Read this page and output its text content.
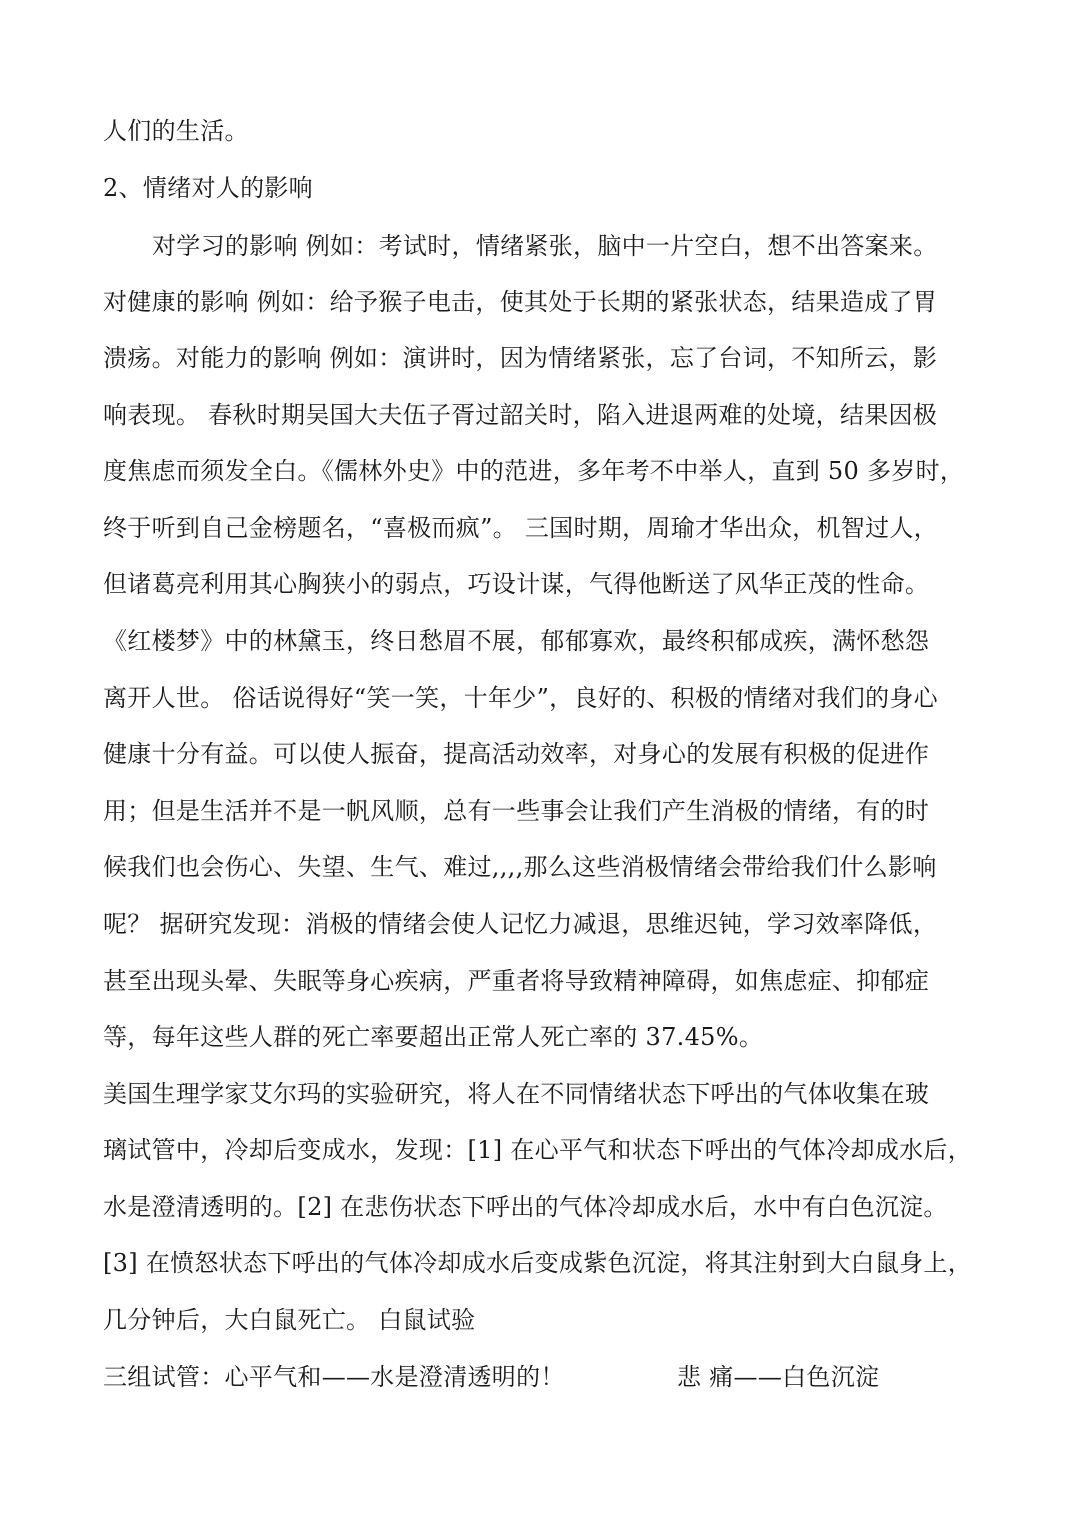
人们的生活。
2、情绪对人的影响
对学习的影响 例如：考试时，情绪紧张，脑中一片空白，想不出答案来。
对健康的影响 例如：给予猴子电击，使其处于长期的紧张状态，结果造成了胃
溃疡。对能力的影响 例如：演讲时，因为情绪紧张，忘了台词，不知所云，影
响表现。 春秋时期吴国大夫伍子胥过韶关时，陷入进退两难的处境，结果因极
度焦虑而须发全白。《儒林外史》中的范进，多年考不中举人，直到 50 多岁时，
终于听到自己金榜题名，“喜极而疯”。 三国时期，周瑜才华出众，机智过人，
但诸葛亮利用其心胸狭小的弱点，巧设计谋，气得他断送了风华正茂的性命。
《红楼梦》中的林黛玉，终日愁眉不展，郁郁寡欢，最终积郁成疾，满怀愁怨
离开人世。 俗话说得好“笑一笑，十年少”，良好的、积极的情绪对我们的身心
健康十分有益。可以使人振奋，提高活动效率，对身心的发展有积极的促进作
用；但是生活并不是一帆风顺，总有一些事会让我们产生消极的情绪，有的时
候我们也会伤心、失望、生气、难过,,,,那么这些消极情绪会带给我们什么影响
呢？ 据研究发现：消极的情绪会使人记忆力减退，思维迟钝，学习效率降低，
甚至出现头晕、失眠等身心疾病，严重者将导致精神障碍，如焦虑症、抑郁症
等，每年这些人群的死亡率要超出正常人死亡率的 37.45%。
美国生理学家艾尔玛的实验研究，将人在不同情绪状态下呼出的气体收集在玻
璃试管中，冷却后变成水，发现：[1] 在心平气和状态下呼出的气体冷却成水后，
水是澄清透明的。[2] 在悲伤状态下呼出的气体冷却成水后，水中有白色沉淀。
[3] 在愤怒状态下呼出的气体冷却成水后变成紫色沉淀，将其注射到大白鼠身上，
几分钟后，大白鼠死亡。 白鼠试验
三组试管：心平气和——水是澄清透明的！	悲 痛——白色沉淀
